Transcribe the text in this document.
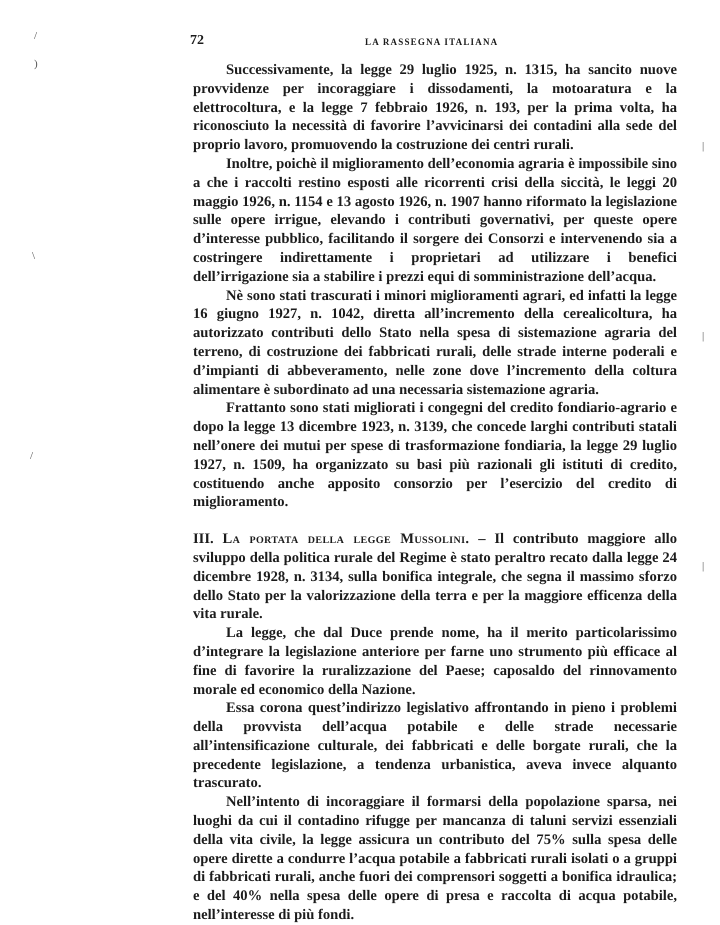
72	LA RASSEGNA ITALIANA
/
)
\
/
|
|
|

Successivamente, la legge 29 luglio 1925, n. 1315, ha sancito nuove provvidenze per incoraggiare i dissodamenti, la motoaratura e la elettrocoltura, e la legge 7 febbraio 1926, n. 193, per la prima volta, ha riconosciuto la necessità di favorire l’avvicinarsi dei contadini alla sede del proprio lavoro, promuovendo la costruzione dei centri rurali.

Inoltre, poichè il miglioramento dell’economia agraria è impossibile sino a che i raccolti restino esposti alle ricorrenti crisi della siccità, le leggi 20 maggio 1926, n. 1154 e 13 agosto 1926, n. 1907 hanno riformato la legislazione sulle opere irrigue, elevando i contributi governativi, per queste opere d’interesse pubblico, facilitando il sorgere dei Consorzi e intervenendo sia a costringere indirettamente i proprietari ad utilizzare i benefici dell’irrigazione sia a stabilire i prezzi equi di somministrazione dell’acqua.

Nè sono stati trascurati i minori miglioramenti agrari, ed infatti la legge 16 giugno 1927, n. 1042, diretta all’incremento della cerealicoltura, ha autorizzato contributi dello Stato nella spesa di sistemazione agraria del terreno, di costruzione dei fabbricati rurali, delle strade interne poderali e d’impianti di abbeveramento, nelle zone dove l’incremento della coltura alimentare è subordinato ad una necessaria sistemazione agraria.

Frattanto sono stati migliorati i congegni del credito fondiario-agrario e dopo la legge 13 dicembre 1923, n. 3139, che concede larghi contributi statali nell’onere dei mutui per spese di trasformazione fondiaria, la legge 29 luglio 1927, n. 1509, ha organizzato su basi più razionali gli istituti di credito, costituendo anche apposito consorzio per l’esercizio del credito di miglioramento.

III. La portata della legge Mussolini. – Il contributo maggiore allo sviluppo della politica rurale del Regime è stato peraltro recato dalla legge 24 dicembre 1928, n. 3134, sulla bonifica integrale, che segna il massimo sforzo dello Stato per la valorizzazione della terra e per la maggiore efficenza della vita rurale.

La legge, che dal Duce prende nome, ha il merito particolarissimo d’integrare la legislazione anteriore per farne uno strumento più efficace al fine di favorire la ruralizzazione del Paese; caposaldo del rinnovamento morale ed economico della Nazione.

Essa corona quest’indirizzo legislativo affrontando in pieno i problemi della provvista dell’acqua potabile e delle strade necessarie all’intensificazione culturale, dei fabbricati e delle borgate rurali, che la precedente legislazione, a tendenza urbanistica, aveva invece alquanto trascurato.

Nell’intento di incoraggiare il formarsi della popolazione sparsa, nei luoghi da cui il contadino rifugge per mancanza di taluni servizi essenziali della vita civile, la legge assicura un contributo del 75% sulla spesa delle opere dirette a condurre l’acqua potabile a fabbricati rurali isolati o a gruppi di fabbricati rurali, anche fuori dei comprensori soggetti a bonifica idraulica; e del 40% nella spesa delle opere di presa e raccolta di acqua potabile, nell’interesse di più fondi.
